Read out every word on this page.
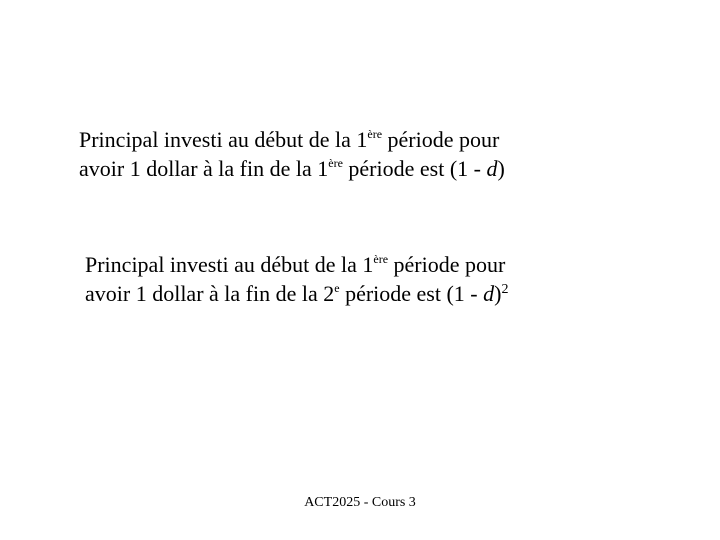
Principal investi au début de la 1ère période pour
avoir 1 dollar à la fin de la 1ère période est (1 - d)
Principal investi au début de la 1ère période pour
avoir 1 dollar à la fin de la 2e période est (1 - d)$^2$
ACT2025 - Cours 3
